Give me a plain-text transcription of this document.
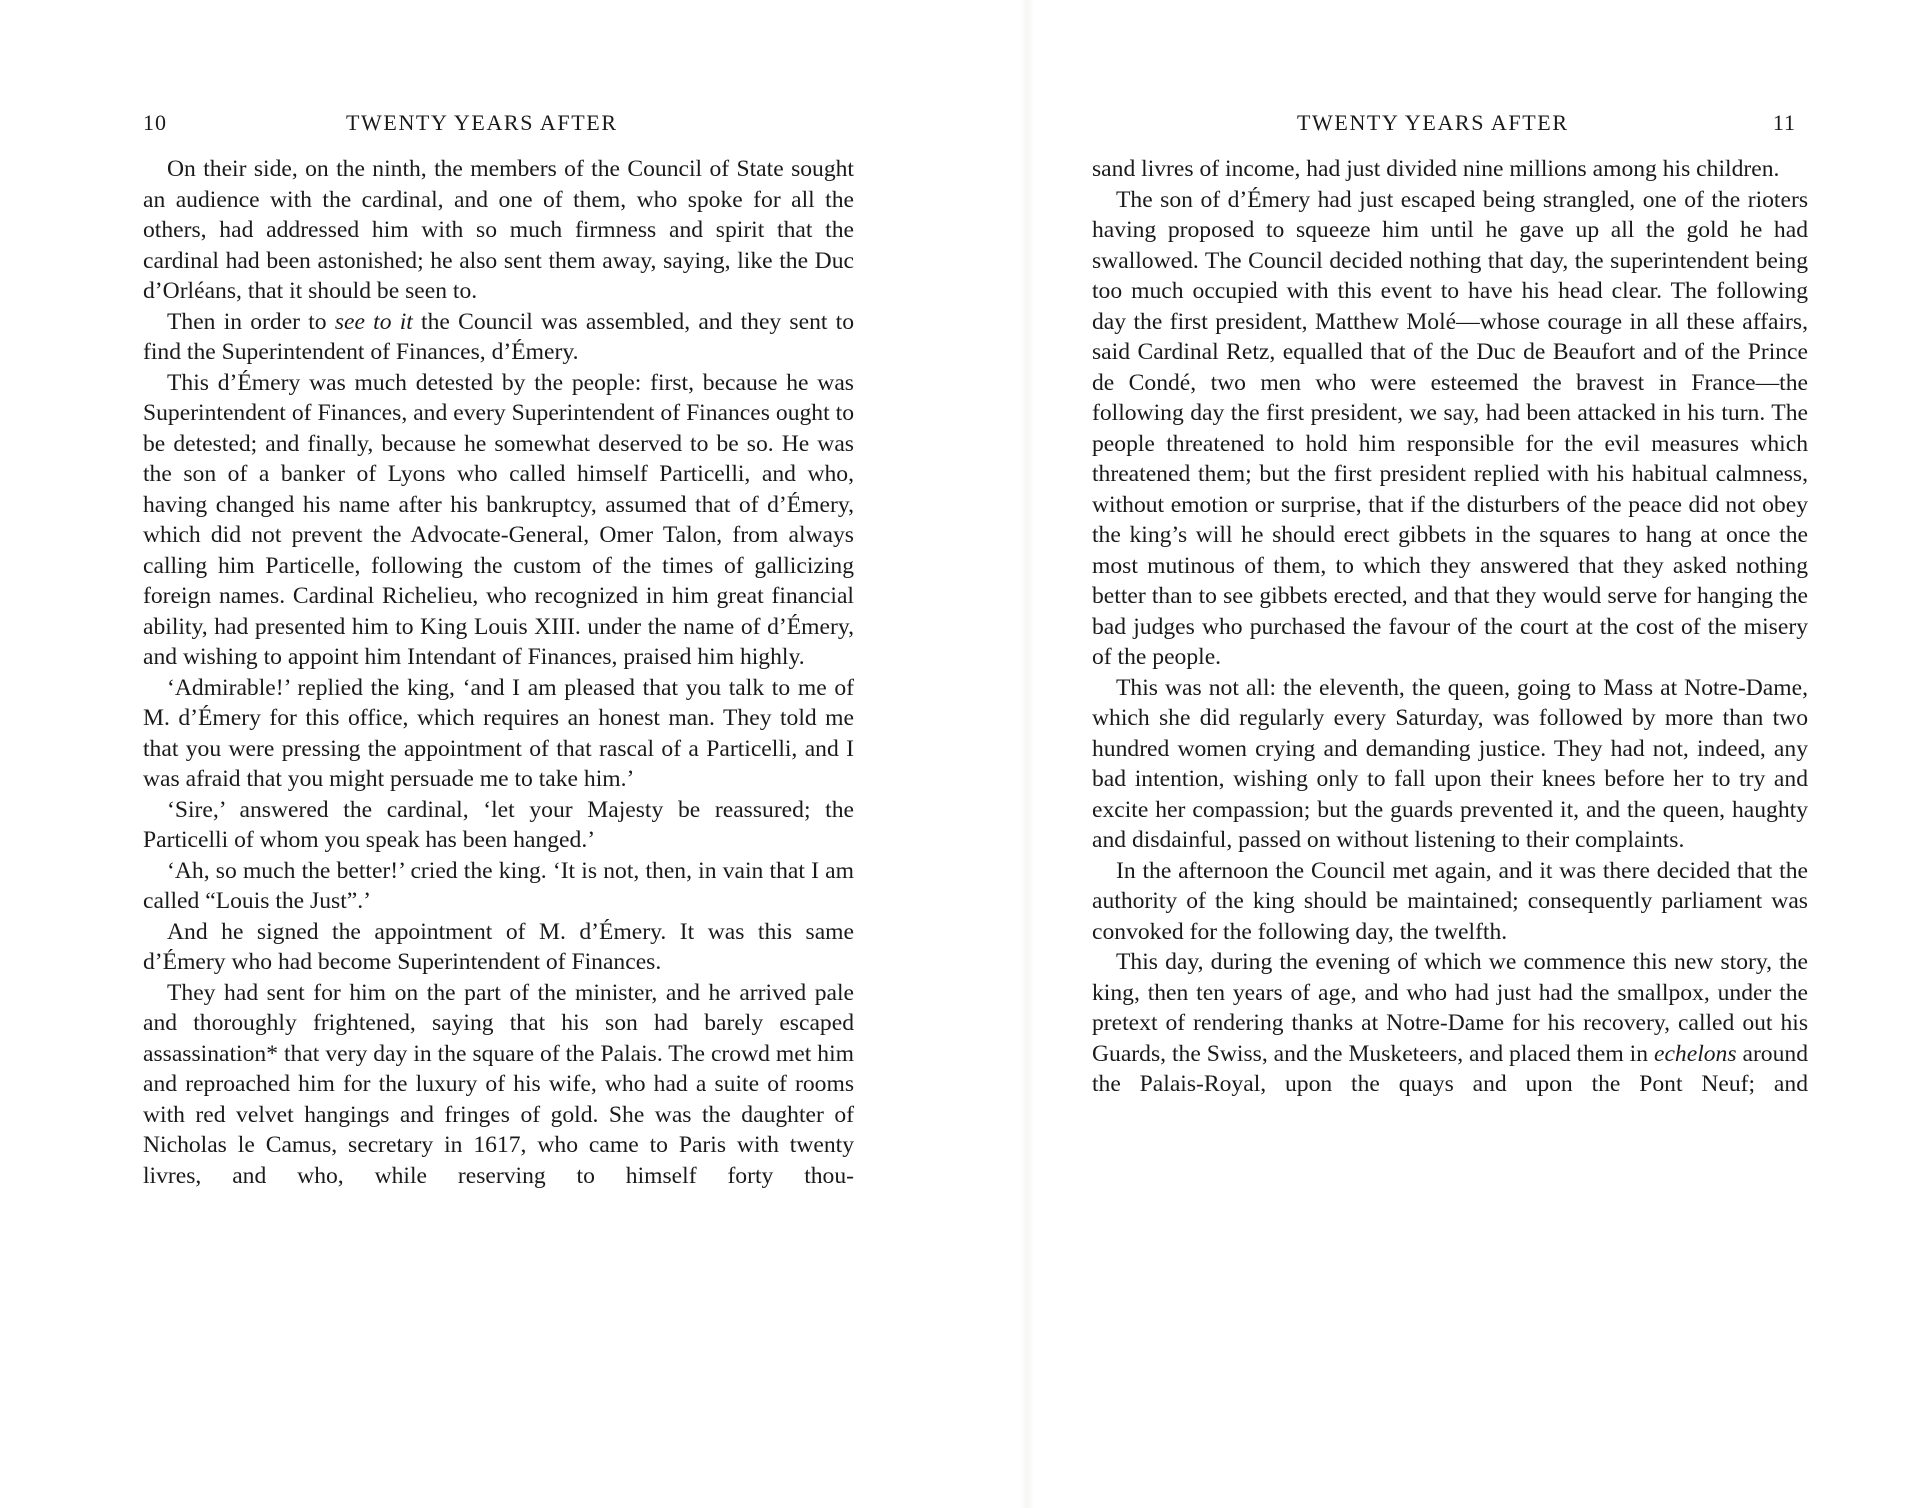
10	TWENTY YEARS AFTER

On their side, on the ninth, the members of the Council of State sought an audience with the cardinal, and one of them, who spoke for all the others, had addressed him with so much firmness and spirit that the cardinal had been astonished; he also sent them away, saying, like the Duc d’Orléans, that it should be seen to.

Then in order to see to it the Council was assembled, and they sent to find the Superintendent of Finances, d’Émery.

This d’Émery was much detested by the people: first, because he was Superintendent of Finances, and every Superintendent of Finances ought to be detested; and finally, because he somewhat deserved to be so. He was the son of a banker of Lyons who called himself Particelli, and who, having changed his name after his bankruptcy, assumed that of d’Émery, which did not prevent the Advocate-General, Omer Talon, from always calling him Particelle, following the custom of the times of gallicizing foreign names. Cardinal Richelieu, who recognized in him great financial ability, had presented him to King Louis XIII. under the name of d’Émery, and wishing to appoint him Intendant of Finances, praised him highly.

‘Admirable!’ replied the king, ‘and I am pleased that you talk to me of M. d’Émery for this office, which requires an honest man. They told me that you were pressing the appointment of that rascal of a Particelli, and I was afraid that you might persuade me to take him.’

‘Sire,’ answered the cardinal, ‘let your Majesty be reassured; the Particelli of whom you speak has been hanged.’

‘Ah, so much the better!’ cried the king. ‘It is not, then, in vain that I am called “Louis the Just”.’

And he signed the appointment of M. d’Émery. It was this same d’Émery who had become Superintendent of Finances.

They had sent for him on the part of the minister, and he arrived pale and thoroughly frightened, saying that his son had barely escaped assassination* that very day in the square of the Palais. The crowd met him and reproached him for the luxury of his wife, who had a suite of rooms with red velvet hangings and fringes of gold. She was the daughter of Nicholas le Camus, secretary in 1617, who came to Paris with twenty livres, and who, while reserving to himself forty thou-

TWENTY YEARS AFTER	11

sand livres of income, had just divided nine millions among his children.

The son of d’Émery had just escaped being strangled, one of the rioters having proposed to squeeze him until he gave up all the gold he had swallowed. The Council decided nothing that day, the superintendent being too much occupied with this event to have his head clear. The following day the first president, Matthew Molé—whose courage in all these affairs, said Cardinal Retz, equalled that of the Duc de Beaufort and of the Prince de Condé, two men who were esteemed the bravest in France—the following day the first president, we say, had been attacked in his turn. The people threatened to hold him responsible for the evil measures which threatened them; but the first president replied with his habitual calmness, without emotion or surprise, that if the disturbers of the peace did not obey the king’s will he should erect gibbets in the squares to hang at once the most mutinous of them, to which they answered that they asked nothing better than to see gibbets erected, and that they would serve for hanging the bad judges who purchased the favour of the court at the cost of the misery of the people.

This was not all: the eleventh, the queen, going to Mass at Notre-Dame, which she did regularly every Saturday, was followed by more than two hundred women crying and demanding justice. They had not, indeed, any bad intention, wishing only to fall upon their knees before her to try and excite her compassion; but the guards prevented it, and the queen, haughty and disdainful, passed on without listening to their complaints.

In the afternoon the Council met again, and it was there decided that the authority of the king should be maintained; consequently parliament was convoked for the following day, the twelfth.

This day, during the evening of which we commence this new story, the king, then ten years of age, and who had just had the smallpox, under the pretext of rendering thanks at Notre-Dame for his recovery, called out his Guards, the Swiss, and the Musketeers, and placed them in echelons around the Palais-Royal, upon the quays and upon the Pont Neuf; and
